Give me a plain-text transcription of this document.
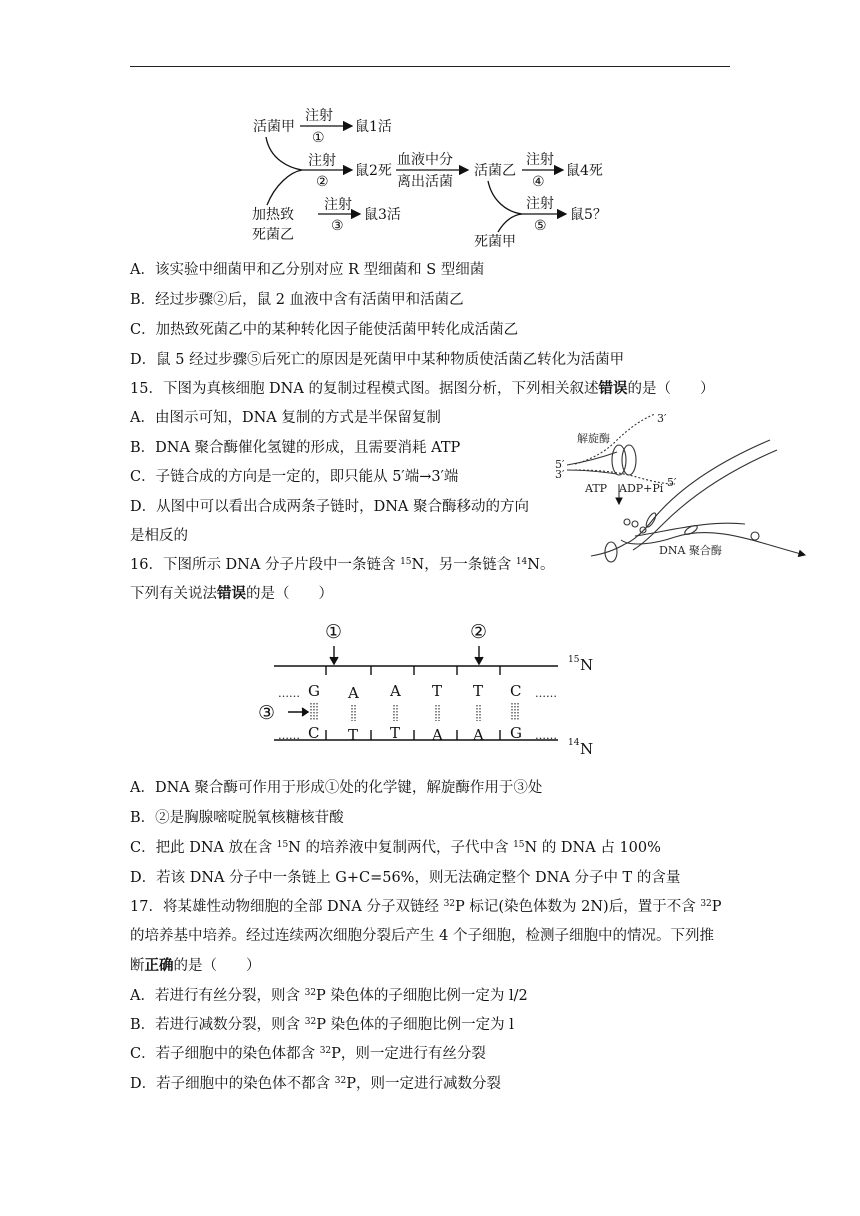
活菌甲
注射
①
鼠1活
注射
②
鼠2死
血液中分
离出活菌
活菌乙
注射
④
鼠4死
加热致
死菌乙
注射
③
鼠3活
注射
⑤
鼠5？
死菌甲
A．该实验中细菌甲和乙分别对应 R 型细菌和 S 型细菌
B．经过步骤②后，鼠 2 血液中含有活菌甲和活菌乙
C．加热致死菌乙中的某种转化因子能使活菌甲转化成活菌乙
D．鼠 5 经过步骤⑤后死亡的原因是死菌甲中某种物质使活菌乙转化为活菌甲
15．下图为真核细胞 DNA 的复制过程模式图。据图分析，下列相关叙述错误的是（　　）
A．由图示可知，DNA 复制的方式是半保留复制
B．DNA 聚合酶催化氢键的形成，且需要消耗 ATP
C．子链合成的方向是一定的，即只能从 5′端→3′端
D．从图中可以看出合成两条子链时，DNA 聚合酶移动的方向
是相反的
解旋酶
3′
5′
3′
5′
ATP ADP+Pi
DNA 聚合酶
16．下图所示 DNA 分子片段中一条链含 $^{15}$N，另一条链含 $^{14}$N。
下列有关说法错误的是（　　）
①	②
③
……	……
……	……
G A A T T C
C T T A A G
15 N
14 N
A．DNA 聚合酶可作用于形成①处的化学键，解旋酶作用于③处
B．②是胸腺嘧啶脱氧核糖核苷酸
C．把此 DNA 放在含 $^{15}$N 的培养液中复制两代，子代中含 $^{15}$N 的 DNA 占 100%
D．若该 DNA 分子中一条链上 G+C=56%，则无法确定整个 DNA 分子中 T 的含量
17．将某雄性动物细胞的全部 DNA 分子双链经 $^{32}$P 标记(染色体数为 2N)后，置于不含 $^{32}$P
的培养基中培养。经过连续两次细胞分裂后产生 4 个子细胞，检测子细胞中的情况。下列推
断正确的是（　　）
A．若进行有丝分裂，则含 $^{32}$P 染色体的子细胞比例一定为 l/2
B．若进行减数分裂，则含 $^{32}$P 染色体的子细胞比例一定为 l
C．若子细胞中的染色体都含 $^{32}$P，则一定进行有丝分裂
D．若子细胞中的染色体不都含 $^{32}$P，则一定进行减数分裂
